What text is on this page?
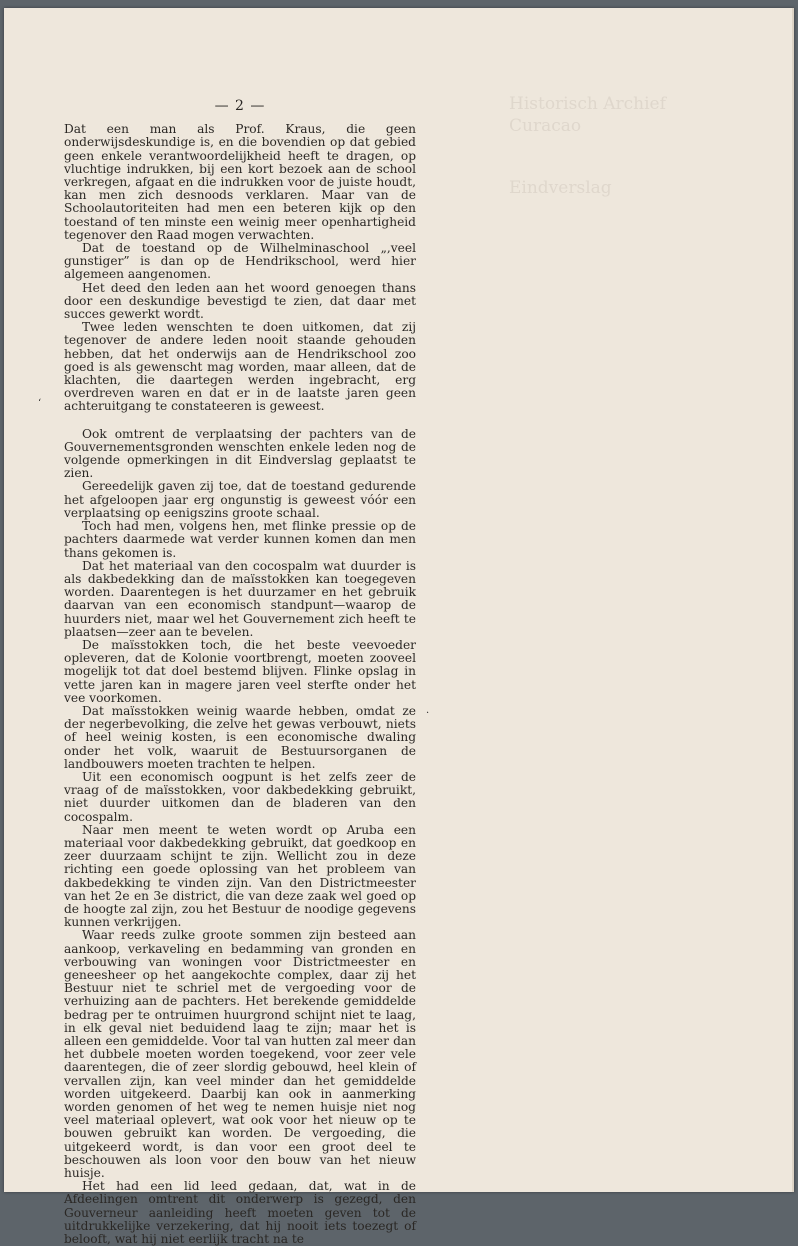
Historisch Archief
Curacao
Eindverslag
‘
·
— 2 —

Dat een man als Prof. Kraus, die geen onderwijsdeskundige is, en die bovendien op dat gebied geen enkele verantwoordelijkheid heeft te dragen, op vluchtige indrukken, bij een kort bezoek aan de school verkregen, afgaat en die indrukken voor de juiste houdt, kan men zich desnoods verklaren. Maar van de Schoolautoriteiten had men een beteren kijk op den toestand of ten minste een weinig meer openhartigheid tegenover den Raad mogen verwachten.

Dat de toestand op de Wilhelminaschool „,veel gunstiger” is dan op de Hendrikschool, werd hier algemeen aangenomen.

Het deed den leden aan het woord genoegen thans door een deskundige bevestigd te zien, dat daar met succes gewerkt wordt.

Twee leden wenschten te doen uitkomen, dat zij tegenover de andere leden nooit staande gehouden hebben, dat het onderwijs aan de Hendrikschool zoo goed is als gewenscht mag worden, maar alleen, dat de klachten, die daartegen werden ingebracht, erg overdreven waren en dat er in de laatste jaren geen achteruitgang te constateeren is geweest.

Ook omtrent de verplaatsing der pachters van de Gouvernementsgronden wenschten enkele leden nog de volgende opmerkingen in dit Eindverslag geplaatst te zien.

Gereedelijk gaven zij toe, dat de toestand gedurende het afgeloopen jaar erg ongunstig is geweest vóór een verplaatsing op eenigszins groote schaal.

Toch had men, volgens hen, met flinke pressie op de pachters daarmede wat verder kunnen komen dan men thans gekomen is.

Dat het materiaal van den cocospalm wat duurder is als dakbedekking dan de maïsstokken kan toegegeven worden. Daarentegen is het duurzamer en het gebruik daarvan van een economisch standpunt—waarop de huurders niet, maar wel het Gouvernement zich heeft te plaatsen—zeer aan te bevelen.

De maïsstokken toch, die het beste veevoeder opleveren, dat de Kolonie voortbrengt, moeten zooveel mogelijk tot dat doel bestemd blijven. Flinke opslag in vette jaren kan in magere jaren veel sterfte onder het vee voorkomen.

Dat maïsstokken weinig waarde hebben, omdat ze der negerbevolking, die zelve het gewas verbouwt, niets of heel weinig kosten, is een economische dwaling onder het volk, waaruit de Bestuursorganen de landbouwers moeten trachten te helpen.

Uit een economisch oogpunt is het zelfs zeer de vraag of de maïsstokken, voor dakbedekking gebruikt, niet duurder uitkomen dan de bladeren van den cocospalm.

Naar men meent te weten wordt op Aruba een materiaal voor dakbedekking gebruikt, dat goedkoop en zeer duurzaam schijnt te zijn. Wellicht zou in deze richting een goede oplossing van het probleem van dakbedekking te vinden zijn. Van den Districtmeester van het 2e en 3e district, die van deze zaak wel goed op de hoogte zal zijn, zou het Bestuur de noodige gegevens kunnen verkrijgen.

Waar reeds zulke groote sommen zijn besteed aan aankoop, verkaveling en bedamming van gronden en verbouwing van woningen voor Districtmeester en geneesheer op het aangekochte complex, daar zij het Bestuur niet te schriel met de vergoeding voor de verhuizing aan de pachters. Het berekende gemiddelde bedrag per te ontruimen huurgrond schijnt niet te laag, in elk geval niet beduidend laag te zijn; maar het is alleen een gemiddelde. Voor tal van hutten zal meer dan het dubbele moeten worden toegekend, voor zeer vele daarentegen, die of zeer slordig gebouwd, heel klein of vervallen zijn, kan veel minder dan het gemiddelde worden uitgekeerd. Daarbij kan ook in aanmerking worden genomen of het weg te nemen huisje niet nog veel materiaal oplevert, wat ook voor het nieuw op te bouwen gebruikt kan worden. De vergoeding, die uitgekeerd wordt, is dan voor een groot deel te beschouwen als loon voor den bouw van het nieuw huisje.

Het had een lid leed gedaan, dat, wat in de Afdeelingen omtrent dit onderwerp is gezegd, den Gouverneur aanleiding heeft moeten geven tot de uitdrukkelijke verzekering, dat hij nooit iets toezegt of belooft, wat hij niet eerlijk tracht na te
